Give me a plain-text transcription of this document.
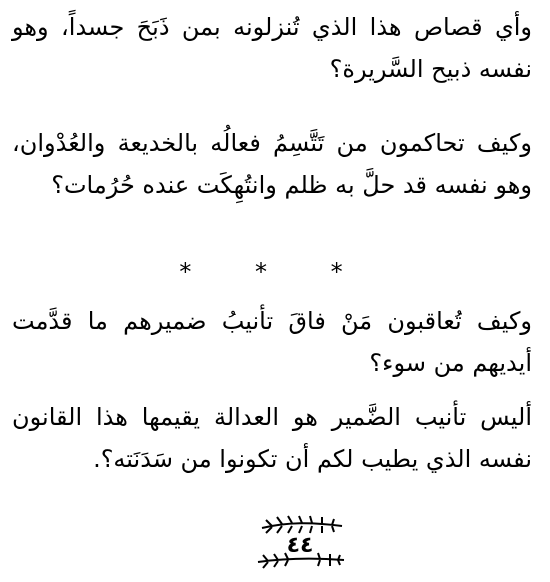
وأي قصاص هذا الذي تُنزلونه بمن ذَبَحَ جسداً، وهو نفسه ذبيح السَّريرة؟

وكيف تحاكمون من تَتَّسِمُ فعالُه بالخديعة والعُدْوان، وهو نفسه قد حلَّ به ظلم وانتُهِكَت عنده حُرُمات؟

* * *

وكيف تُعاقبون مَنْ فاقَ تأنيبُ ضميرهم ما قدَّمت أيديهم من سوء؟

أليس تأنيب الضَّمير هو العدالة يقيمها هذا القانون نفسه الذي يطيب لكم أن تكونوا من سَدَنَته؟.

٤٤
